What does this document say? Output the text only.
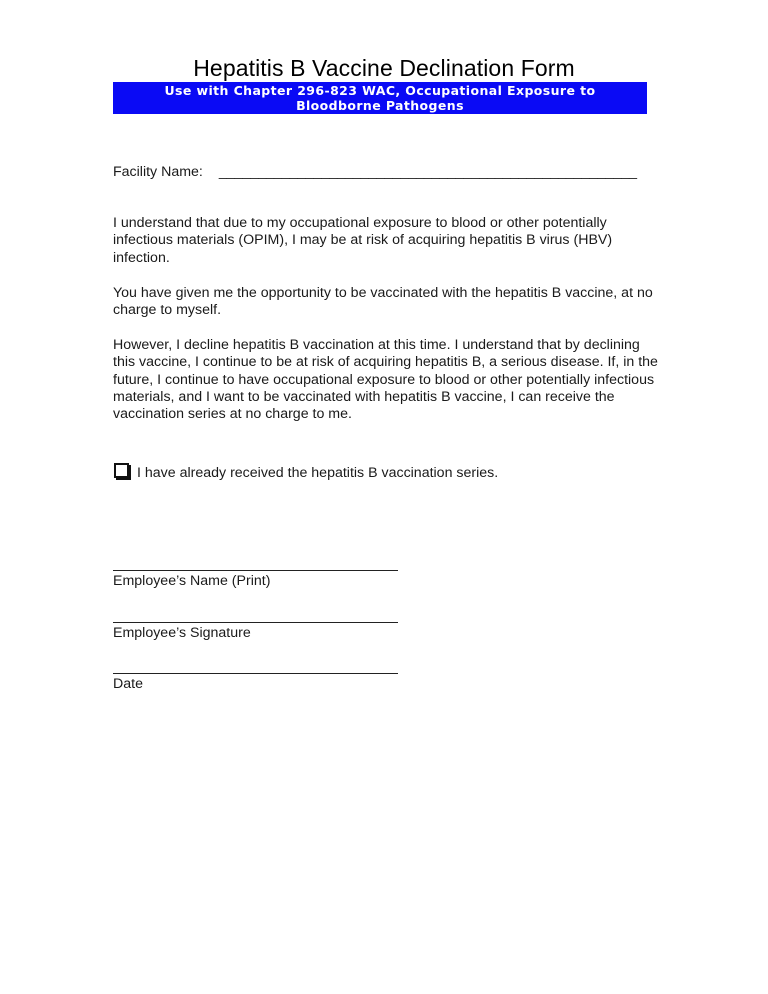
Hepatitis B Vaccine Declination Form
Use with Chapter 296-823 WAC, Occupational Exposure to
Bloodborne Pathogens
Facility Name: _____________________________________________________
I understand that due to my occupational exposure to blood or other potentially infectious materials (OPIM), I may be at risk of acquiring hepatitis B virus (HBV) infection.
You have given me the opportunity to be vaccinated with the hepatitis B vaccine, at no charge to myself.
However, I decline hepatitis B vaccination at this time. I understand that by declining this vaccine, I continue to be at risk of acquiring hepatitis B, a serious disease. If, in the future, I continue to have occupational exposure to blood or other potentially infectious materials, and I want to be vaccinated with hepatitis B vaccine, I can receive the vaccination series at no charge to me.
I have already received the hepatitis B vaccination series.
Employee’s Name (Print)
Employee’s Signature
Date
